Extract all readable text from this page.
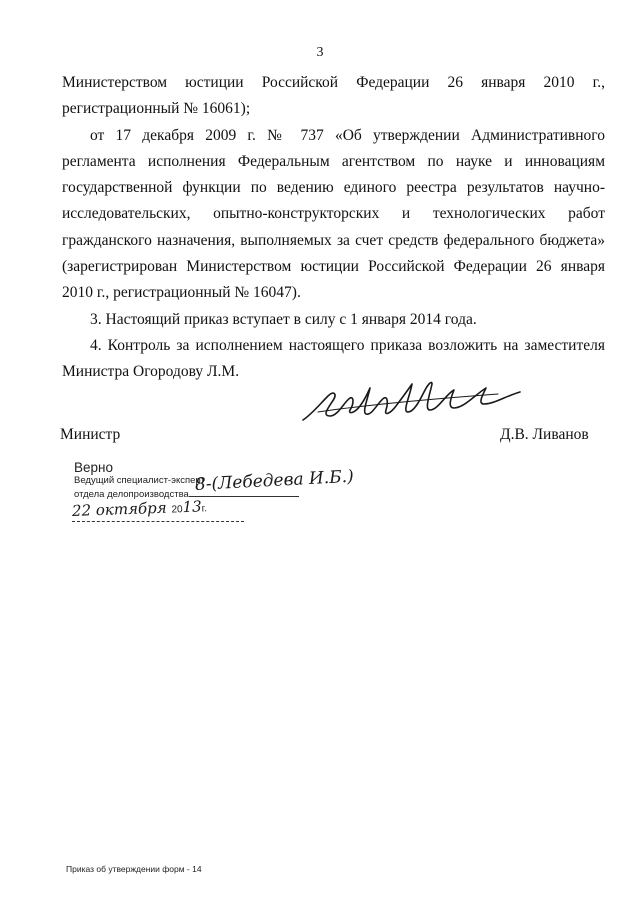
3

Министерством юстиции Российской Федерации 26 января 2010 г., регистрационный № 16061);

от 17 декабря 2009 г. № 737 «Об утверждении Административного регламента исполнения Федеральным агентством по науке и инновациям государственной функции по ведению единого реестра результатов научно-исследовательских, опытно-конструкторских и технологических работ гражданского назначения, выполняемых за счет средств федерального бюджета» (зарегистрирован Министерством юстиции Российской Федерации 26 января 2010 г., регистрационный № 16047).

3. Настоящий приказ вступает в силу с 1 января 2014 года.

4. Контроль за исполнением настоящего приказа возложить на заместителя Министра Огородову Л.М.

Министр	Д.В. Ливанов
Верно
Ведущий специалист-эксперт
отдела делопроизводства 8-(Лебедева И.Б.)
22 октября 2013г.
Приказ об утверждении форм - 14
